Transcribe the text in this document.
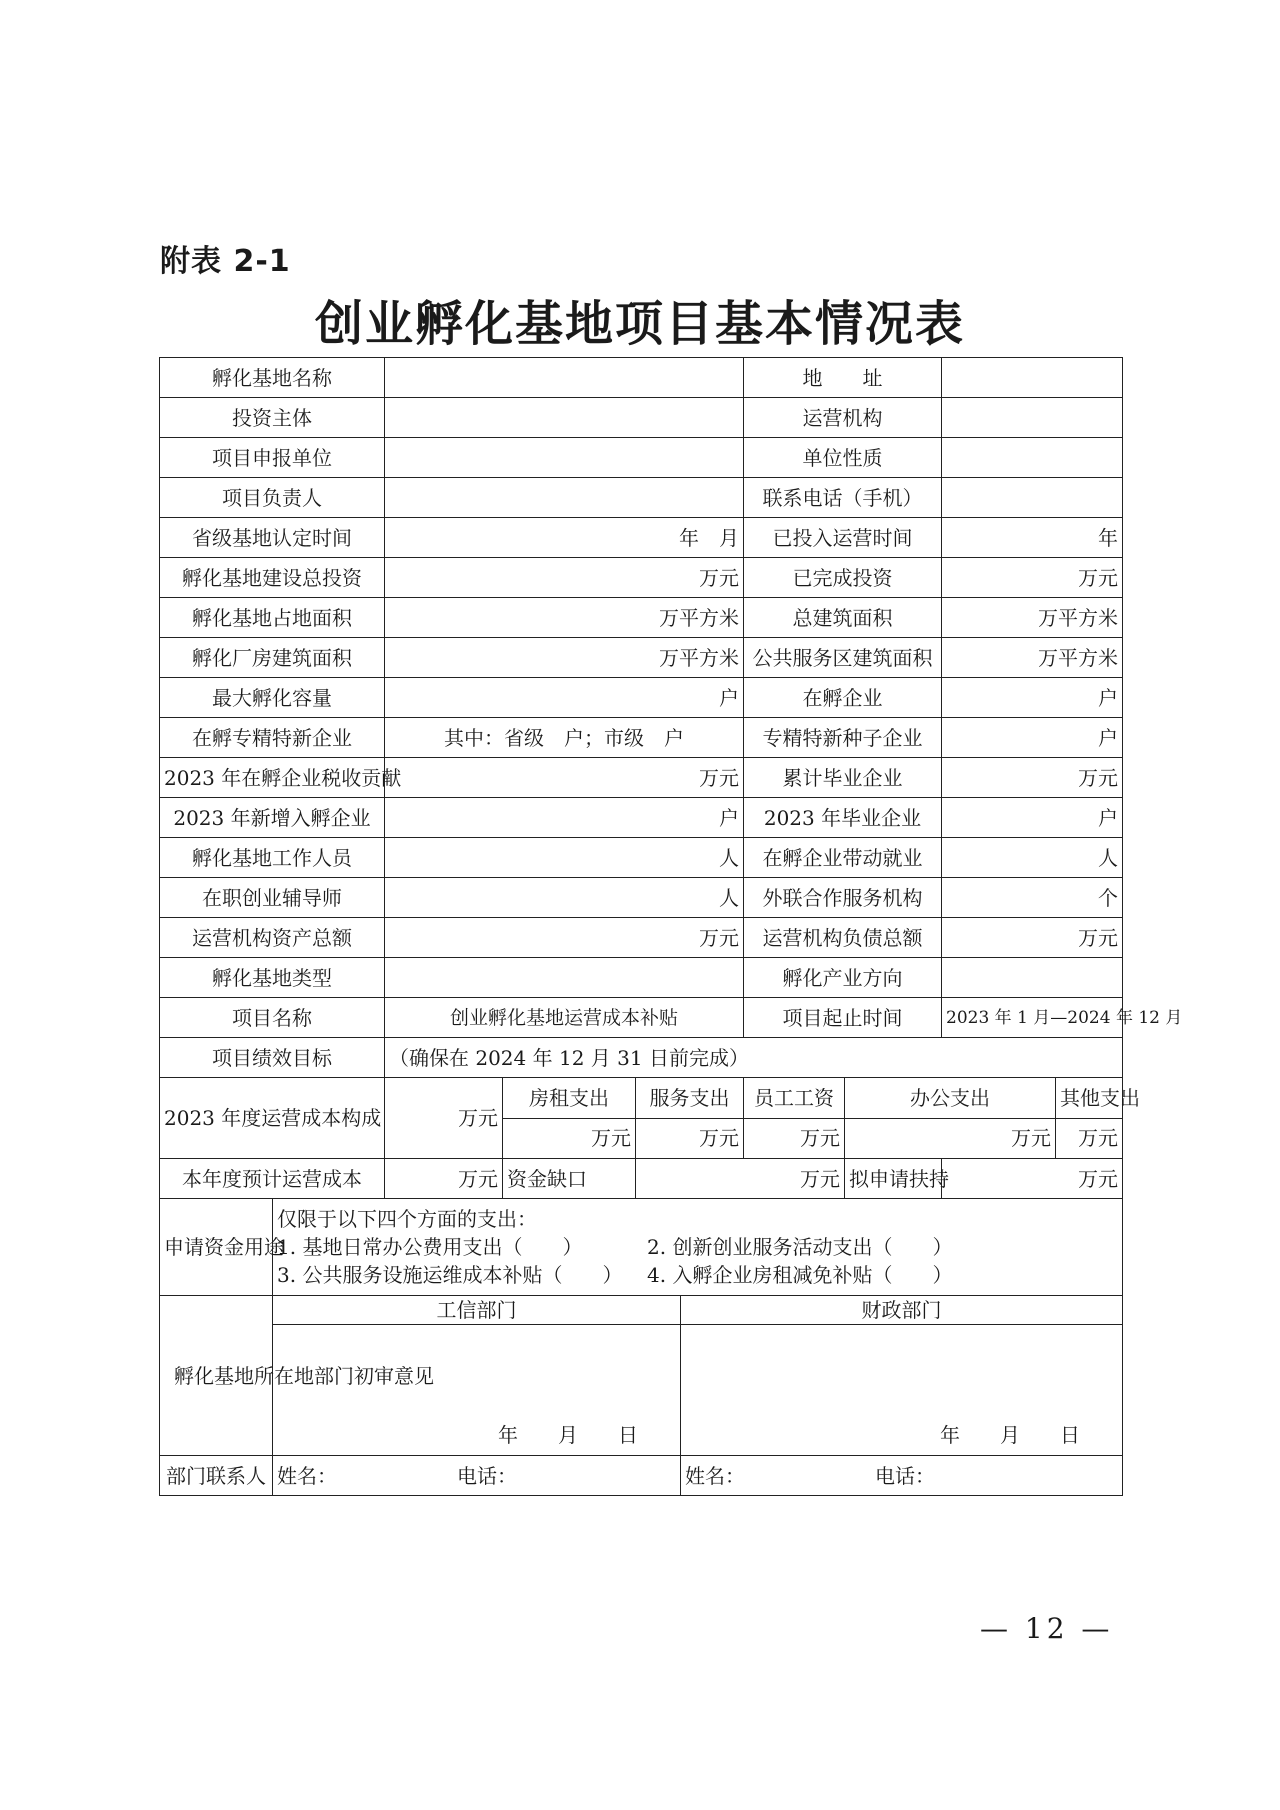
附表 2-1
创业孵化基地项目基本情况表
孵化基地名称				地　　址			
投资主体				运营机构			
项目申报单位				单位性质			
项目负责人				联系电话（手机）			
省级基地认定时间	年　月			已投入运营时间		年	
孵化基地建设总投资	万元			已完成投资		万元	
孵化基地占地面积	万平方米			总建筑面积		万平方米	
孵化厂房建筑面积	万平方米			公共服务区建筑面积		万平方米	
最大孵化容量	户			在孵企业		户	
在孵专精特新企业	其中：省级　户；市级　户			专精特新种子企业		户	
2023 年在孵企业税收贡献	万元			累计毕业企业		万元	
2023 年新增入孵企业	户			2023 年毕业企业		户	
孵化基地工作人员	人			在孵企业带动就业		人	
在职创业辅导师	人			外联合作服务机构		个	
运营机构资产总额	万元			运营机构负债总额		万元	
孵化基地类型				孵化产业方向			
项目名称	创业孵化基地运营成本补贴			项目起止时间		2023 年 1 月—2024 年 12 月	
项目绩效目标	（确保在 2024 年 12 月 31 日前完成）						
2023 年度运营成本构成	万元	房租支出	服务支出	员工工资	办公支出		其他支出
		万元	万元	万元	万元		万元
本年度预计运营成本	万元	资金缺口	万元		拟申请扶持	万元	
申请资金用途	仅限于以下四个方面的支出：
1. 基地日常办公费用支出（　　） 2. 创新创业服务活动支出（　　）
3. 公共服务设施运维成本补贴（　　） 4. 入孵企业房租减免补贴（　　）	

孵化基地所在地部门初审意见	工信部门	财政部门

	年 月 日	年 月 日

部门联系人	姓名： 电话：	姓名： 电话：
— 12 —
